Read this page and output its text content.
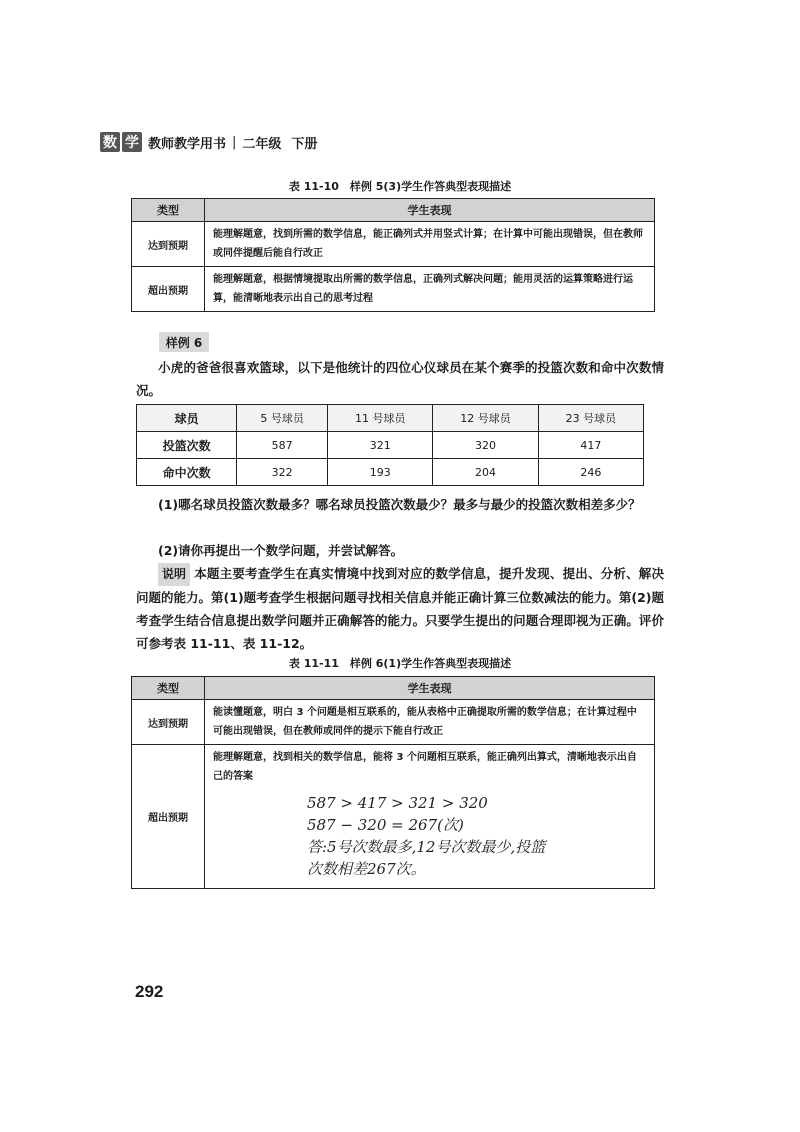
数 学 教师教学用书 | 二年级 下册
表 11-10　样例 5(3)学生作答典型表现描述
类型	学生表现
达到预期	能理解题意，找到所需的数学信息，能正确列式并用竖式计算；在计算中可能出现错误，但在教师或同伴提醒后能自行改正
超出预期	能理解题意，根据情境提取出所需的数学信息，正确列式解决问题；能用灵活的运算策略进行运算，能清晰地表示出自己的思考过程
样例 6
小虎的爸爸很喜欢篮球，以下是他统计的四位心仪球员在某个赛季的投篮次数和命中次数情况。
球员	5 号球员	11 号球员	12 号球员	23 号球员
投篮次数	587	321	320	417
命中次数	322	193	204	246
(1)哪名球员投篮次数最多？哪名球员投篮次数最少？最多与最少的投篮次数相差多少？
(2)请你再提出一个数学问题，并尝试解答。
说明 本题主要考查学生在真实情境中找到对应的数学信息，提升发现、提出、分析、解决问题的能力。第(1)题考查学生根据问题寻找相关信息并能正确计算三位数减法的能力。第(2)题考查学生结合信息提出数学问题并正确解答的能力。只要学生提出的问题合理即视为正确。评价可参考表 11-11、表 11-12。
表 11-11　样例 6(1)学生作答典型表现描述
类型	学生表现
达到预期	能读懂题意，明白 3 个问题是相互联系的，能从表格中正确提取所需的数学信息；在计算过程中可能出现错误，但在教师或同伴的提示下能自行改正
超出预期	能理解题意，找到相关的数学信息，能将 3 个问题相互联系，能正确列出算式，清晰地表示出自己的答案
587 > 417 > 321 > 320
587 − 320 = 267(次)
答:5号次数最多,12号次数最少,投篮
次数相差267次。
292
